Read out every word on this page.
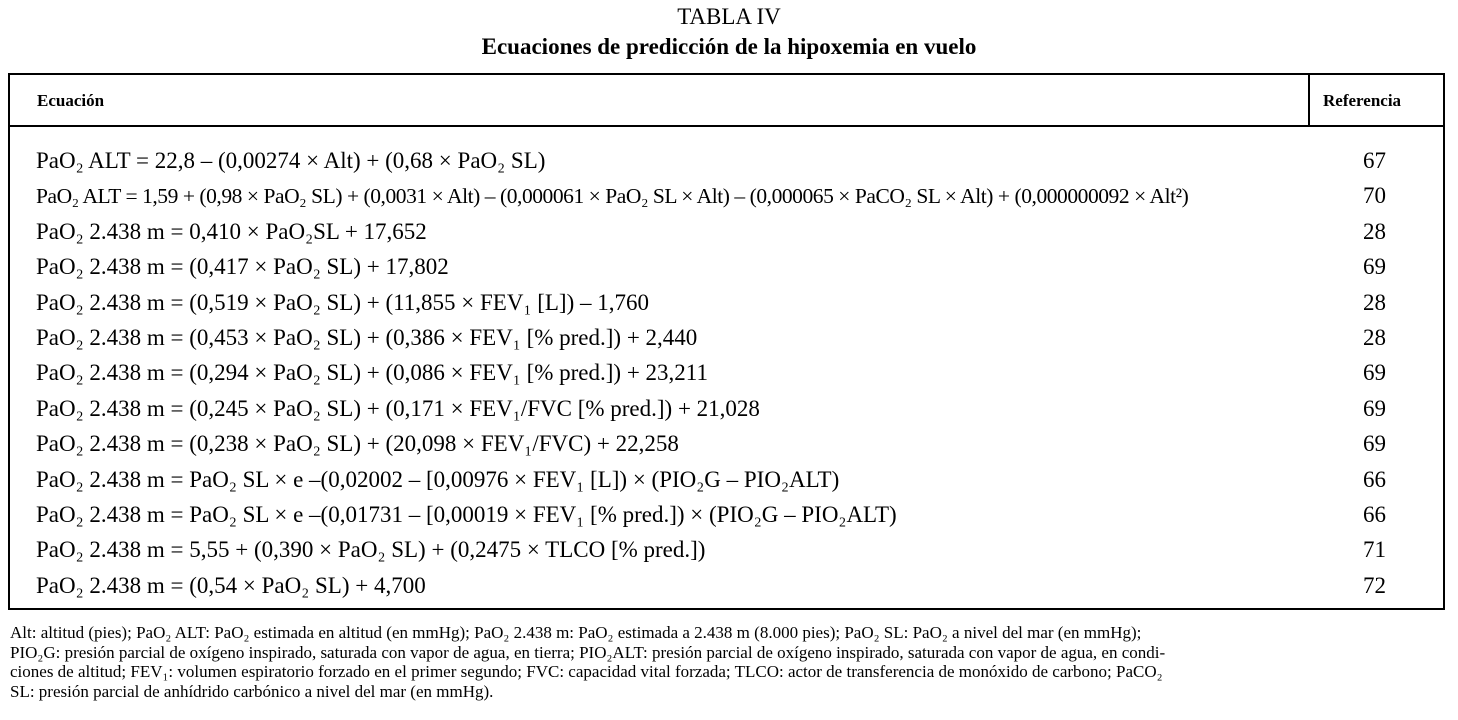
TABLA IV
Ecuaciones de predicción de la hipoxemia en vuelo
Ecuación	Referencia
PaO₂ ALT = 22,8 – (0,00274 × Alt) + (0,68 × PaO₂ SL)	67
PaO₂ ALT = 1,59 + (0,98 × PaO₂ SL) + (0,0031 × Alt) – (0,000061 × PaO₂ SL × Alt) – (0,000065 × PaCO₂ SL × Alt) + (0,000000092 × Alt²)	70
PaO₂ 2.438 m = 0,410 × PaO₂SL + 17,652	28
PaO₂ 2.438 m = (0,417 × PaO₂ SL) + 17,802	69
PaO₂ 2.438 m = (0,519 × PaO₂ SL) + (11,855 × FEV₁ [L]) – 1,760	28
PaO₂ 2.438 m = (0,453 × PaO₂ SL) + (0,386 × FEV₁ [% pred.]) + 2,440	28
PaO₂ 2.438 m = (0,294 × PaO₂ SL) + (0,086 × FEV₁ [% pred.]) + 23,211	69
PaO₂ 2.438 m = (0,245 × PaO₂ SL) + (0,171 × FEV₁/FVC [% pred.]) + 21,028	69
PaO₂ 2.438 m = (0,238 × PaO₂ SL) + (20,098 × FEV₁/FVC) + 22,258	69
PaO₂ 2.438 m = PaO₂ SL × e –(0,02002 – [0,00976 × FEV₁ [L]) × (PIO₂G – PIO₂ALT)	66
PaO₂ 2.438 m = PaO₂ SL × e –(0,01731 – [0,00019 × FEV₁ [% pred.]) × (PIO₂G – PIO₂ALT)	66
PaO₂ 2.438 m = 5,55 + (0,390 × PaO₂ SL) + (0,2475 × TLCO [% pred.])	71
PaO₂ 2.438 m = (0,54 × PaO₂ SL) + 4,700	72
Alt: altitud (pies); PaO₂ ALT: PaO₂ estimada en altitud (en mmHg); PaO₂ 2.438 m: PaO₂ estimada a 2.438 m (8.000 pies); PaO₂ SL: PaO₂ a nivel del mar (en mmHg);
PIO₂G: presión parcial de oxígeno inspirado, saturada con vapor de agua, en tierra; PIO₂ALT: presión parcial de oxígeno inspirado, saturada con vapor de agua, en condi-
ciones de altitud; FEV₁: volumen espiratorio forzado en el primer segundo; FVC: capacidad vital forzada; TLCO: actor de transferencia de monóxido de carbono; PaCO₂
SL: presión parcial de anhídrido carbónico a nivel del mar (en mmHg).
